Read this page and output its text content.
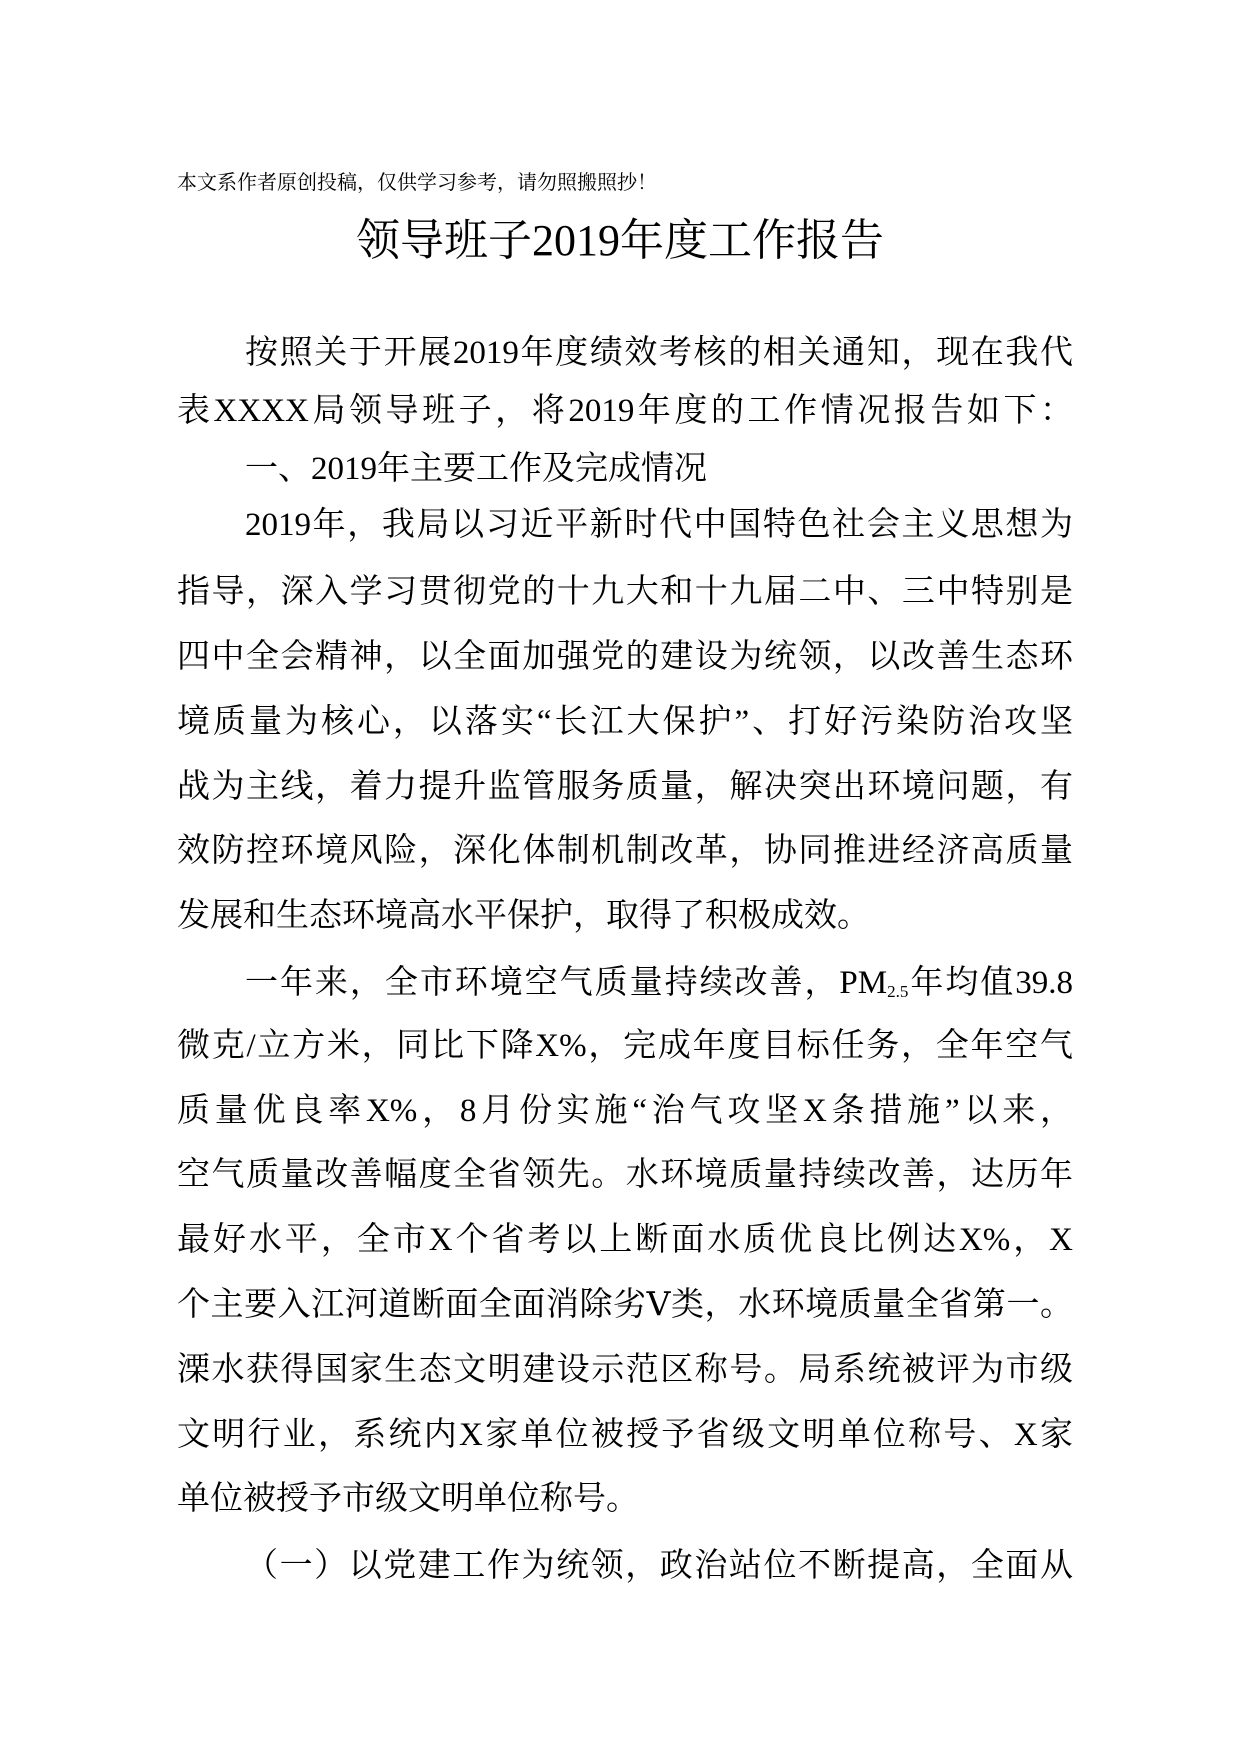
本文系作者原创投稿，仅供学习参考，请勿照搬照抄！
领导班子2019年度工作报告
按照关于开展2019年度绩效考核的相关通知，现在我代
表XXXX局领导班子，将2019年度的工作情况报告如下：
一、2019年主要工作及完成情况
2019年，我局以习近平新时代中国特色社会主义思想为
指导，深入学习贯彻党的十九大和十九届二中、三中特别是
四中全会精神，以全面加强党的建设为统领，以改善生态环
境质量为核心，以落实“长江大保护”、打好污染防治攻坚
战为主线，着力提升监管服务质量，解决突出环境问题，有
效防控环境风险，深化体制机制改革，协同推进经济高质量
发展和生态环境高水平保护，取得了积极成效。
一年来，全市环境空气质量持续改善，$PM_{2.5}$年均值39.8
微克/立方米，同比下降X%，完成年度目标任务，全年空气
质量优良率X%，8月份实施“治气攻坚X条措施”以来，
空气质量改善幅度全省领先。水环境质量持续改善，达历年
最好水平，全市X个省考以上断面水质优良比例达X%，X
个主要入江河道断面全面消除劣Ⅴ类，水环境质量全省第一。
溧水获得国家生态文明建设示范区称号。局系统被评为市级
文明行业，系统内X家单位被授予省级文明单位称号、X家
单位被授予市级文明单位称号。
（一）以党建工作为统领，政治站位不断提高，全面从
